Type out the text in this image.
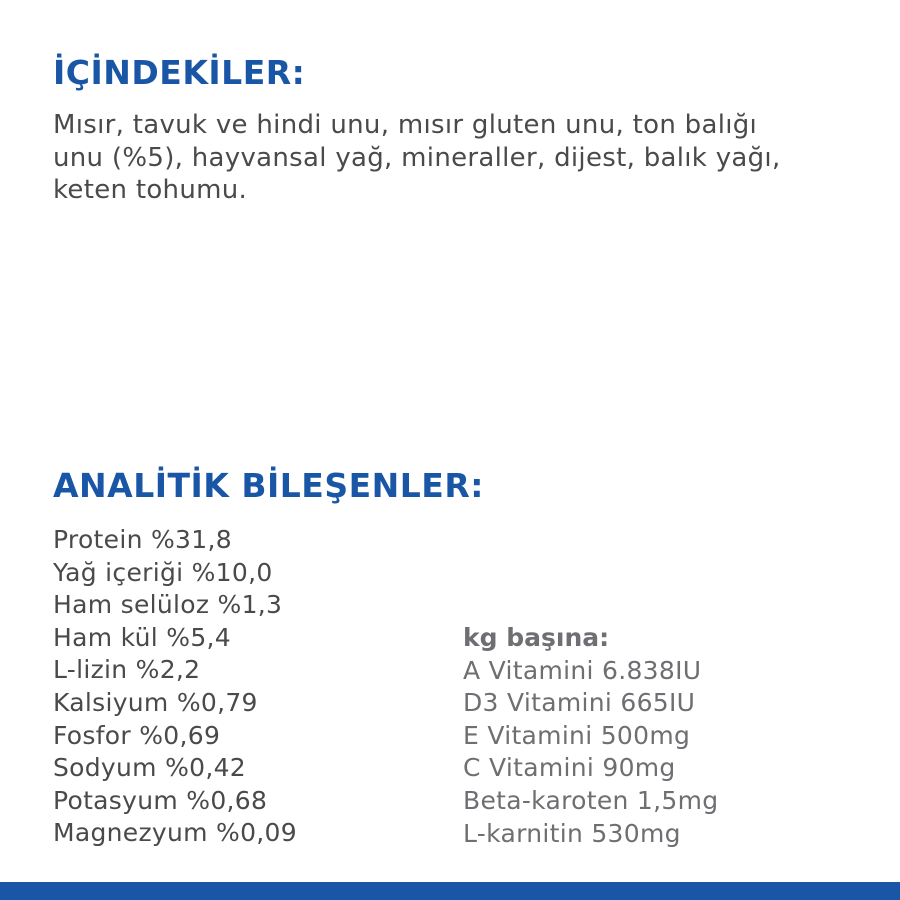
İÇİNDEKİLER:

Mısır, tavuk ve hindi unu, mısır gluten unu, ton balığı
unu (%5), hayvansal yağ, mineraller, dijest, balık yağı,
keten tohumu.

ANALİTİK BİLEŞENLER:
Protein %31,8
Yağ içeriği %10,0
Ham selüloz %1,3
Ham kül %5,4
L-lizin %2,2
Kalsiyum %0,79
Fosfor %0,69
Sodyum %0,42
Potasyum %0,68
Magnezyum %0,09

kg başına:

A Vitamini 6.838IU
D3 Vitamini 665IU
E Vitamini 500mg
C Vitamini 90mg
Beta-karoten 1,5mg
L-karnitin 530mg
